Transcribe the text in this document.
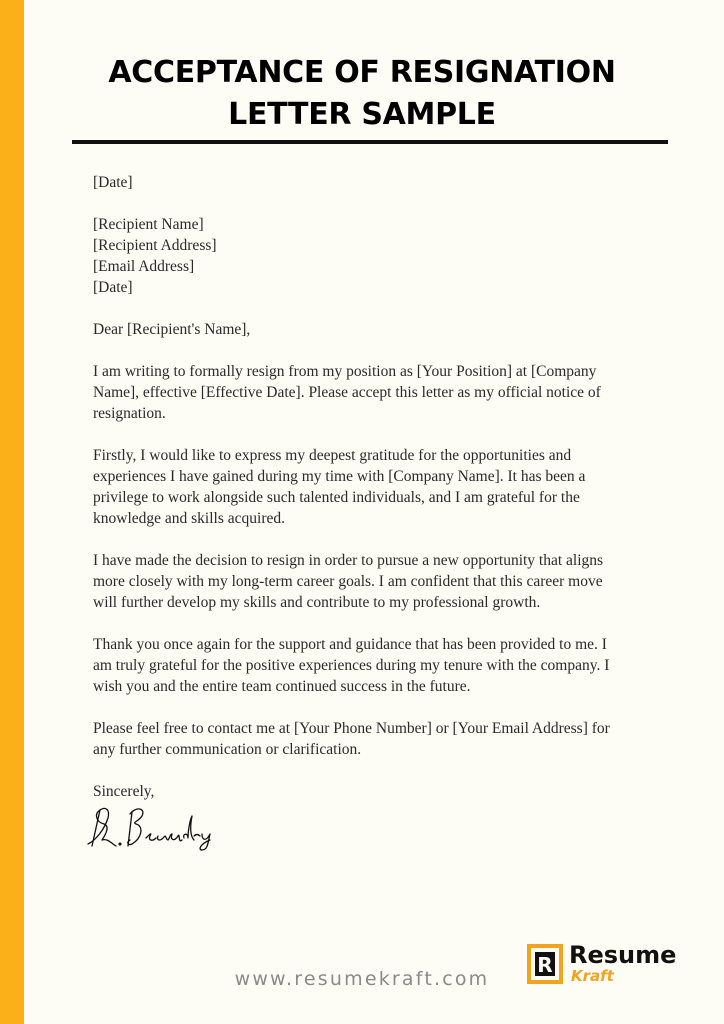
ACCEPTANCE OF RESIGNATION
LETTER SAMPLE

[Date]

[Recipient Name]
[Recipient Address]
[Email Address]
[Date]

Dear [Recipient's Name],

I am writing to formally resign from my position as [Your Position] at [Company
Name], effective [Effective Date]. Please accept this letter as my official notice of
resignation.

Firstly, I would like to express my deepest gratitude for the opportunities and
experiences I have gained during my time with [Company Name]. It has been a
privilege to work alongside such talented individuals, and I am grateful for the
knowledge and skills acquired.

I have made the decision to resign in order to pursue a new opportunity that aligns
more closely with my long-term career goals. I am confident that this career move
will further develop my skills and contribute to my professional growth.

Thank you once again for the support and guidance that has been provided to me. I
am truly grateful for the positive experiences during my tenure with the company. I
wish you and the entire team continued success in the future.

Please feel free to contact me at [Your Phone Number] or [Your Email Address] for
any further communication or clarification.

Sincerely,

www.resumekraft.com
R Resume
Kraft
